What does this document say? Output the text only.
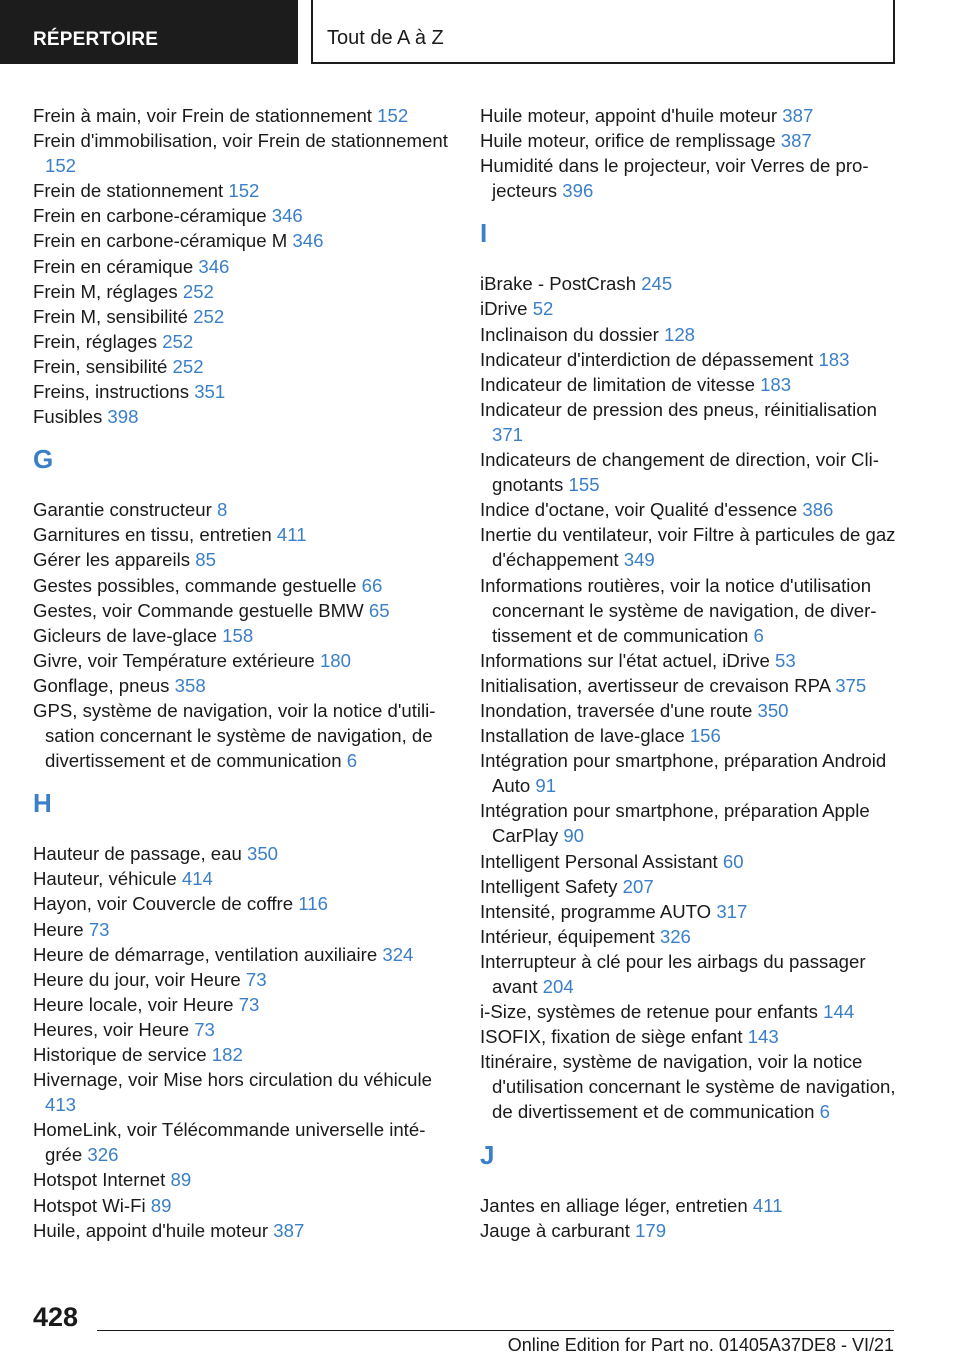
RÉPERTOIRE	Tout de A à Z
Frein à main, voir Frein de stationnement 152
Frein d'immobilisation, voir Frein de stationnement 152
Frein de stationnement 152
Frein en carbone-céramique 346
Frein en carbone-céramique M 346
Frein en céramique 346
Frein M, réglages 252
Frein M, sensibilité 252
Frein, réglages 252
Frein, sensibilité 252
Freins, instructions 351
Fusibles 398
G
Garantie constructeur 8
Garnitures en tissu, entretien 411
Gérer les appareils 85
Gestes possibles, commande gestuelle 66
Gestes, voir Commande gestuelle BMW 65
Gicleurs de lave-glace 158
Givre, voir Température extérieure 180
Gonflage, pneus 358
GPS, système de navigation, voir la notice d'utilisation concernant le système de navigation, de divertissement et de communication 6
H
Hauteur de passage, eau 350
Hauteur, véhicule 414
Hayon, voir Couvercle de coffre 116
Heure 73
Heure de démarrage, ventilation auxiliaire 324
Heure du jour, voir Heure 73
Heure locale, voir Heure 73
Heures, voir Heure 73
Historique de service 182
Hivernage, voir Mise hors circulation du véhicule 413
HomeLink, voir Télécommande universelle intégrée 326
Hotspot Internet 89
Hotspot Wi-Fi 89
Huile, appoint d'huile moteur 387
Huile moteur, appoint d'huile moteur 387
Huile moteur, orifice de remplissage 387
Humidité dans le projecteur, voir Verres de projecteurs 396
I
iBrake - PostCrash 245
iDrive 52
Inclinaison du dossier 128
Indicateur d'interdiction de dépassement 183
Indicateur de limitation de vitesse 183
Indicateur de pression des pneus, réinitialisation 371
Indicateurs de changement de direction, voir Clignotants 155
Indice d'octane, voir Qualité d'essence 386
Inertie du ventilateur, voir Filtre à particules de gaz d'échappement 349
Informations routières, voir la notice d'utilisation concernant le système de navigation, de divertissement et de communication 6
Informations sur l'état actuel, iDrive 53
Initialisation, avertisseur de crevaison RPA 375
Inondation, traversée d'une route 350
Installation de lave-glace 156
Intégration pour smartphone, préparation Android Auto 91
Intégration pour smartphone, préparation Apple CarPlay 90
Intelligent Personal Assistant 60
Intelligent Safety 207
Intensité, programme AUTO 317
Intérieur, équipement 326
Interrupteur à clé pour les airbags du passager avant 204
i-Size, systèmes de retenue pour enfants 144
ISOFIX, fixation de siège enfant 143
Itinéraire, système de navigation, voir la notice d'utilisation concernant le système de navigation, de divertissement et de communication 6
J
Jantes en alliage léger, entretien 411
Jauge à carburant 179
428
Online Edition for Part no. 01405A37DE8 - VI/21
